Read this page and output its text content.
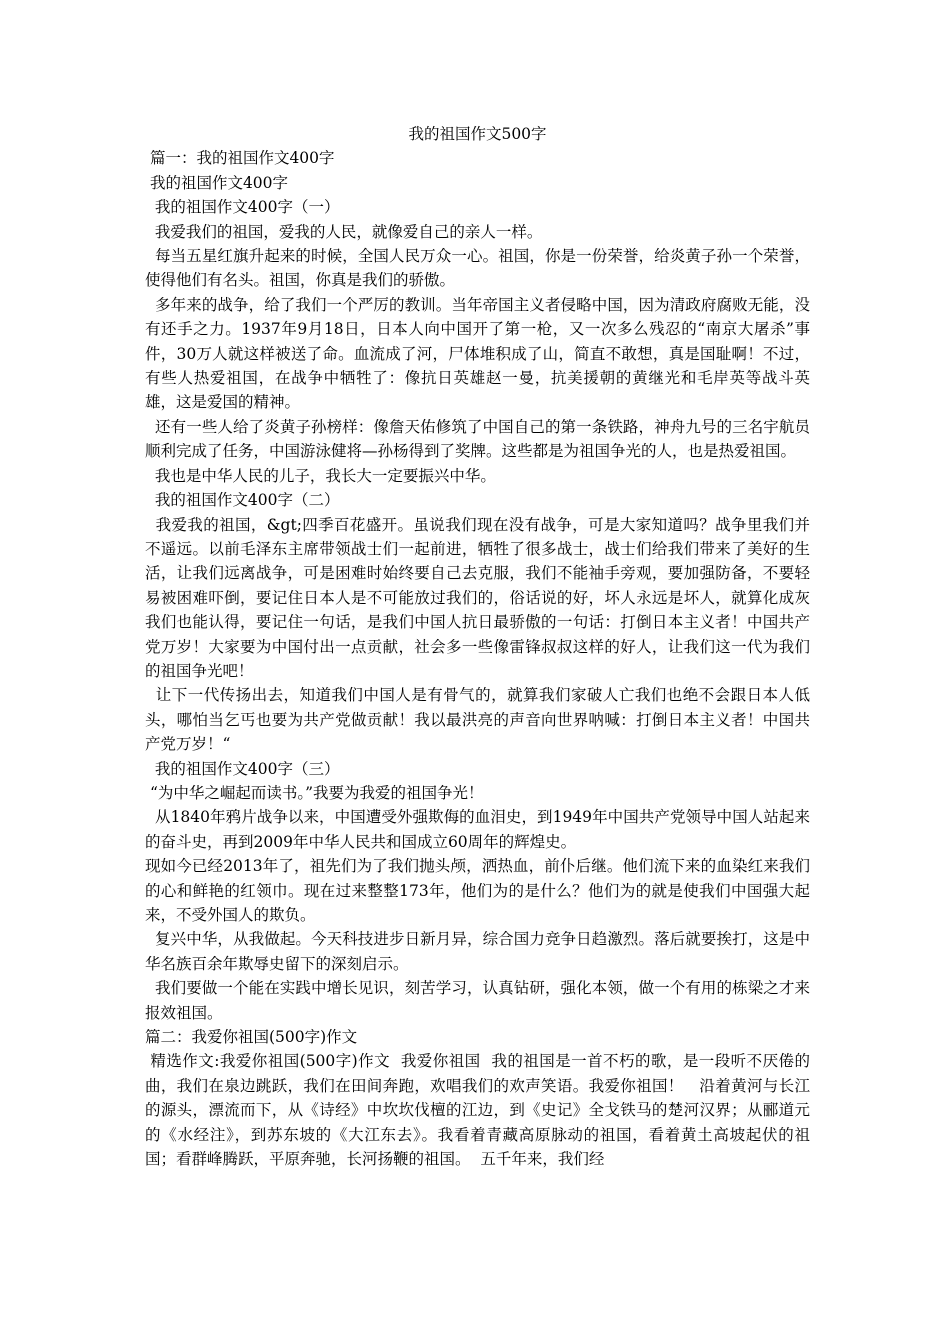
我的祖国作文500字

篇一：我的祖国作文400字

我的祖国作文400字

我的祖国作文400字（一）

我爱我们的祖国，爱我的人民，就像爱自己的亲人一样。

每当五星红旗升起来的时候，全国人民万众一心。祖国，你是一份荣誉，给炎黄子孙一个荣誉，使得他们有名头。祖国，你真是我们的骄傲。

多年来的战争，给了我们一个严厉的教训。当年帝国主义者侵略中国，因为清政府腐败无能，没有还手之力。1937年9月18日，日本人向中国开了第一枪，又一次多么残忍的“南京大屠杀”事件，30万人就这样被送了命。血流成了河，尸体堆积成了山，简直不敢想，真是国耻啊！不过，有些人热爱祖国，在战争中牺牲了：像抗日英雄赵一曼，抗美援朝的黄继光和毛岸英等战斗英雄，这是爱国的精神。

还有一些人给了炎黄子孙榜样：像詹天佑修筑了中国自己的第一条铁路，神舟九号的三名宇航员顺利完成了任务，中国游泳健将—孙杨得到了奖牌。这些都是为祖国争光的人，也是热爱祖国。

我也是中华人民的儿子，我长大一定要振兴中华。

我的祖国作文400字（二）

我爱我的祖国，&gt;四季百花盛开。虽说我们现在没有战争，可是大家知道吗？战争里我们并不遥远。以前毛泽东主席带领战士们一起前进，牺牲了很多战士，战士们给我们带来了美好的生活，让我们远离战争，可是困难时始终要自己去克服，我们不能袖手旁观，要加强防备，不要轻易被困难吓倒，要记住日本人是不可能放过我们的，俗话说的好，坏人永远是坏人，就算化成灰我们也能认得，要记住一句话，是我们中国人抗日最骄傲的一句话：打倒日本主义者！中国共产党万岁！大家要为中国付出一点贡献，社会多一些像雷锋叔叔这样的好人，让我们这一代为我们的祖国争光吧！

让下一代传扬出去，知道我们中国人是有骨气的，就算我们家破人亡我们也绝不会跟日本人低头，哪怕当乞丐也要为共产党做贡献！我以最洪亮的声音向世界呐喊：打倒日本主义者！中国共产党万岁！“

我的祖国作文400字（三）

“为中华之崛起而读书。”我要为我爱的祖国争光！

从1840年鸦片战争以来，中国遭受外强欺侮的血泪史，到1949年中国共产党领导中国人站起来的奋斗史，再到2009年中华人民共和国成立60周年的辉煌史。

现如今已经2013年了，祖先们为了我们抛头颅，洒热血，前仆后继。他们流下来的血染红来我们的心和鲜艳的红领巾。现在过来整整173年，他们为的是什么？他们为的就是使我们中国强大起来，不受外国人的欺负。

复兴中华，从我做起。今天科技进步日新月异，综合国力竞争日趋激烈。落后就要挨打，这是中华名族百余年欺辱史留下的深刻启示。

我们要做一个能在实践中增长见识，刻苦学习，认真钻研，强化本领，做一个有用的栋梁之才来报效祖国。

篇二：我爱你祖国(500字)作文

精选作文:我爱你祖国(500字)作文  我爱你祖国  我的祖国是一首不朽的歌，是一段听不厌倦的曲，我们在泉边跳跃，我们在田间奔跑，欢唱我们的欢声笑语。我爱你祖国！   沿着黄河与长江的源头，漂流而下，从《诗经》中坎坎伐檀的江边，到《史记》全戈铁马的楚河汉界；从郦道元的《水经注》，到苏东坡的《大江东去》。我看着青藏高原脉动的祖国，看着黄土高坡起伏的祖国；看群峰腾跃，平原奔驰，长河扬鞭的祖国。  五千年来，我们经
